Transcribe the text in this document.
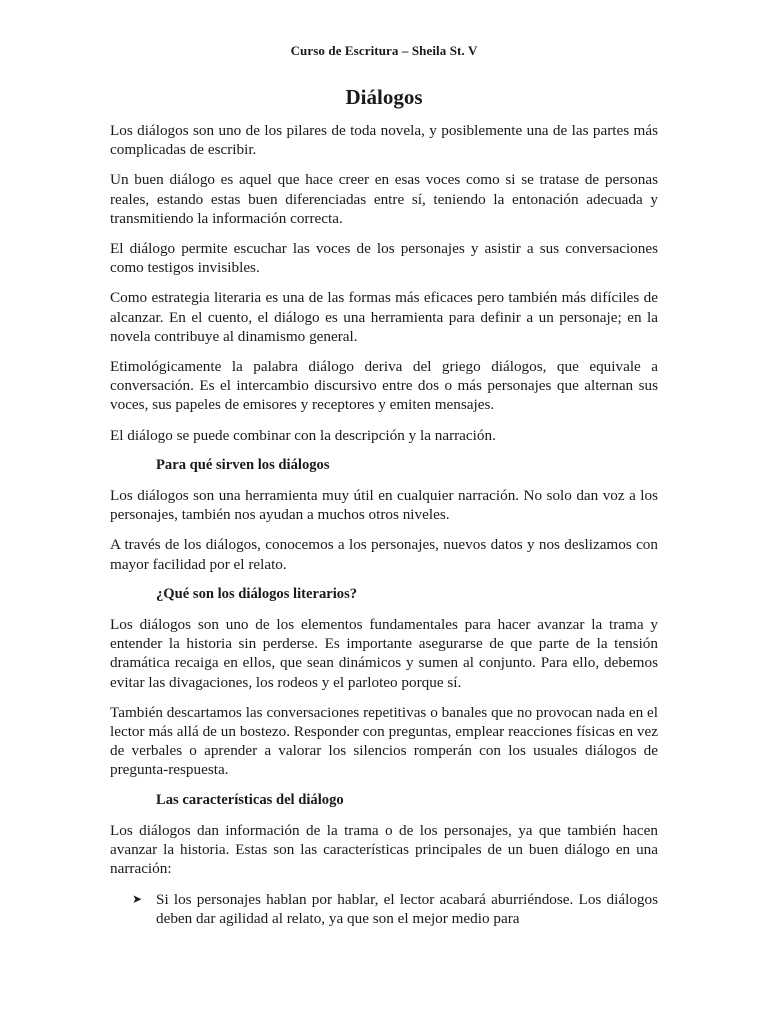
Curso de Escritura – Sheila St. V
Diálogos

Los diálogos son uno de los pilares de toda novela, y posiblemente una de las partes más complicadas de escribir.

Un buen diálogo es aquel que hace creer en esas voces como si se tratase de personas reales, estando estas buen diferenciadas entre sí, teniendo la entonación adecuada y transmitiendo la información correcta.

El diálogo permite escuchar las voces de los personajes y asistir a sus conversaciones como testigos invisibles.

Como estrategia literaria es una de las formas más eficaces pero también más difíciles de alcanzar. En el cuento, el diálogo es una herramienta para definir a un personaje; en la novela contribuye al dinamismo general.

Etimológicamente la palabra diálogo deriva del griego diálogos, que equivale a conversación. Es el intercambio discursivo entre dos o más personajes que alternan sus voces, sus papeles de emisores y receptores y emiten mensajes.

El diálogo se puede combinar con la descripción y la narración.

Para qué sirven los diálogos

Los diálogos son una herramienta muy útil en cualquier narración. No solo dan voz a los personajes, también nos ayudan a muchos otros niveles.

A través de los diálogos, conocemos a los personajes, nuevos datos y nos deslizamos con mayor facilidad por el relato.

¿Qué son los diálogos literarios?

Los diálogos son uno de los elementos fundamentales para hacer avanzar la trama y entender la historia sin perderse. Es importante asegurarse de que parte de la tensión dramática recaiga en ellos, que sean dinámicos y sumen al conjunto. Para ello, debemos evitar las divagaciones, los rodeos y el parloteo porque sí.

También descartamos las conversaciones repetitivas o banales que no provocan nada en el lector más allá de un bostezo. Responder con preguntas, emplear reacciones físicas en vez de verbales o aprender a valorar los silencios romperán con los usuales diálogos de pregunta-respuesta.

Las características del diálogo

Los diálogos dan información de la trama o de los personajes, ya que también hacen avanzar la historia. Estas son las características principales de un buen diálogo en una narración:

➤ Si los personajes hablan por hablar, el lector acabará aburriéndose. Los diálogos deben dar agilidad al relato, ya que son el mejor medio para
